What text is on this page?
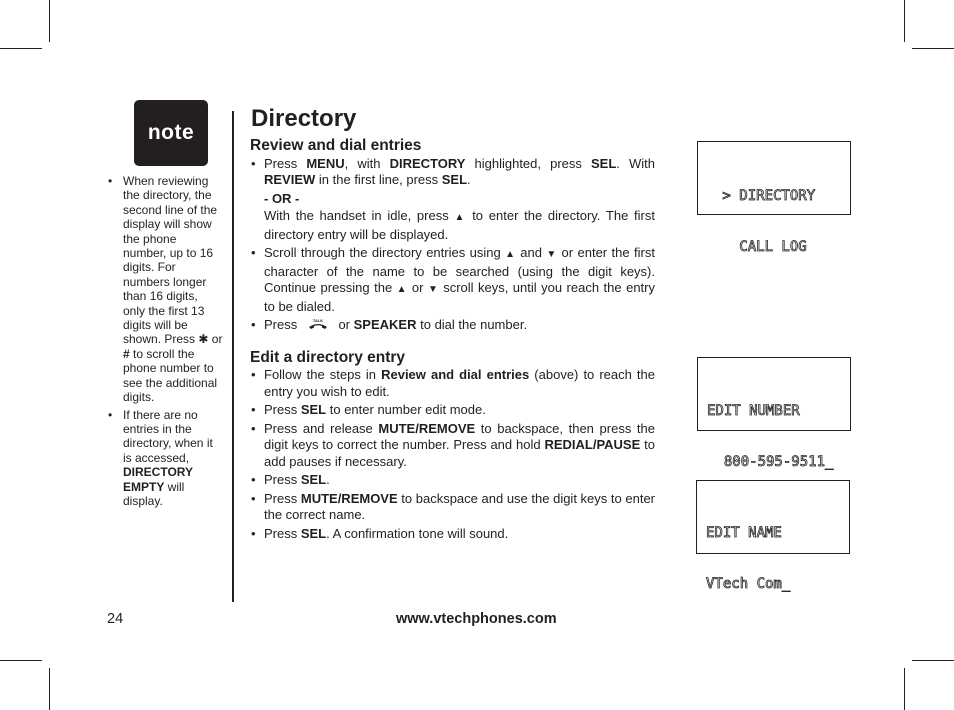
note
• When reviewing the directory, the second line of the display will show the phone number, up to 16 digits. For numbers longer than 16 digits, only the first 13 digits will be shown. Press ✱ or # to scroll the phone number to see the additional digits.
• If there are no entries in the directory, when it is accessed, DIRECTORY EMPTY will display.
Directory
Review and dial entries

• Press MENU, with DIRECTORY highlighted, press SEL. With REVIEW in the first line, press SEL.

- OR -

With the handset in idle, press ▲ to enter the directory. The first directory entry will be displayed.

• Scroll through the directory entries using ▲ and ▼ or enter the first character of the name to be searched (using the digit keys). Continue pressing the ▲ or ▼ scroll keys, until you reach the entry to be dialed.
• Press	TALK or SPEAKER to dial the number.
Edit a directory entry
• Follow the steps in Review and dial entries (above) to reach the entry you wish to edit.
• Press SEL to enter number edit mode.
• Press and release MUTE/REMOVE to backspace, then press the digit keys to correct the number. Press and hold REDIAL/PAUSE to add pauses if necessary.
• Press SEL.
• Press MUTE/REMOVE to backspace and use the digit keys to enter the correct name.
• Press SEL. A confirmation tone will sound.

> DIRECTORY

CALL LOG

EDIT NUMBER

800-595-9511_

EDIT NAME

VTech Com_

24	www.vtechphones.com
